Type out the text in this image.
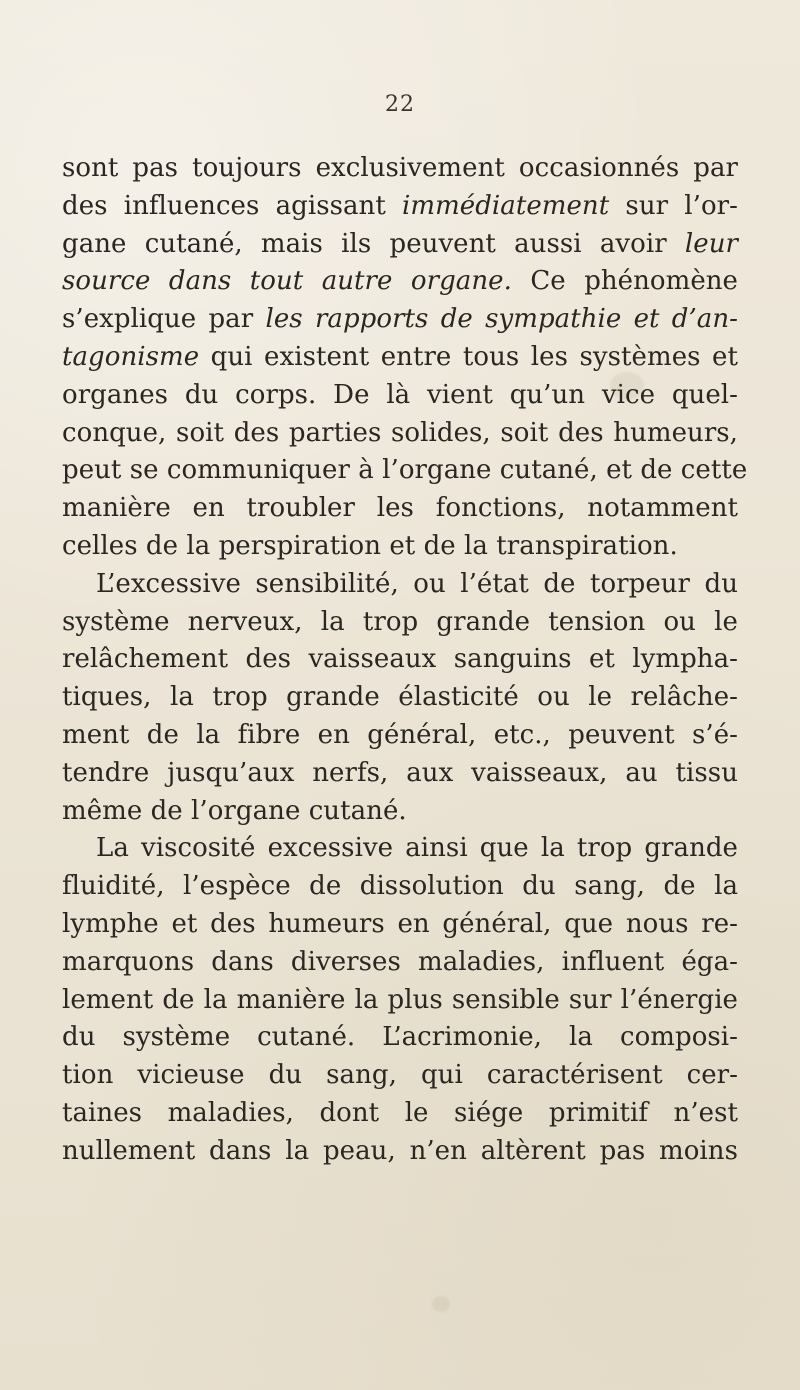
22
sont pas toujours exclusivement occasionnés par
des influences agissant immédiatement sur l’or-
gane cutané, mais ils peuvent aussi avoir leur
source dans tout autre organe. Ce phénomène
s’explique par les rapports de sympathie et d’an-
tagonisme qui existent entre tous les systèmes et
organes du corps. De là vient qu’un vice quel-
conque, soit des parties solides, soit des humeurs,
peut se communiquer à l’organe cutané, et de cette
manière en troubler les fonctions, notamment
celles de la perspiration et de la transpiration.
L’excessive sensibilité, ou l’état de torpeur du
système nerveux, la trop grande tension ou le
relâchement des vaisseaux sanguins et lympha-
tiques, la trop grande élasticité ou le relâche-
ment de la fibre en général, etc., peuvent s’é-
tendre jusqu’aux nerfs, aux vaisseaux, au tissu
même de l’organe cutané.
La viscosité excessive ainsi que la trop grande
fluidité, l’espèce de dissolution du sang, de la
lymphe et des humeurs en général, que nous re-
marquons dans diverses maladies, influent éga-
lement de la manière la plus sensible sur l’énergie
du système cutané. L’acrimonie, la composi-
tion vicieuse du sang, qui caractérisent cer-
taines maladies, dont le siége primitif n’est
nullement dans la peau, n’en altèrent pas moins
